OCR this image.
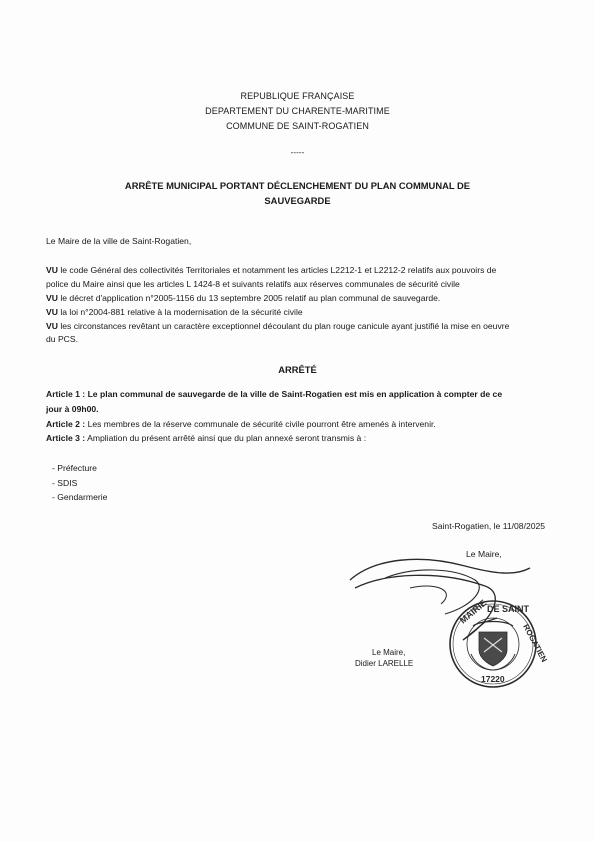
REPUBLIQUE FRANÇAISE
DEPARTEMENT DU CHARENTE-MARITIME
COMMUNE DE SAINT-ROGATIEN
-----
ARRÊTE MUNICIPAL PORTANT DÉCLENCHEMENT DU PLAN COMMUNAL DE
SAUVEGARDE
Le Maire de la ville de Saint-Rogatien,
VU le code Général des collectivités Territoriales et notamment les articles L2212-1 et L2212-2 relatifs aux pouvoirs de
police du Maire ainsi que les articles L 1424-8 et suivants relatifs aux réserves communales de sécurité civile
VU le décret d'application n°2005-1156 du 13 septembre 2005 relatif au plan communal de sauvegarde.
VU la loi n°2004-881 relative à la modernisation de la sécurité civile
VU les circonstances revêtant un caractère exceptionnel découlant du plan rouge canicule ayant justifié la mise en oeuvre
du PCS.
ARRÊTÉ
Article 1 : Le plan communal de sauvegarde de la ville de Saint-Rogatien est mis en application à compter de ce
jour à 09h00.
Article 2 : Les membres de la réserve communale de sécurité civile pourront être amenés à intervenir.
Article 3 : Ampliation du présent arrêté ainsi que du plan annexé seront transmis à :
- Préfecture
- SDIS
- Gendarmerie
Saint-Rogatien, le 11/08/2025
Le Maire,
Le Maire,
Didier LARELLE
MAIRIE
DE SAINT
ROGATIEN
17220
